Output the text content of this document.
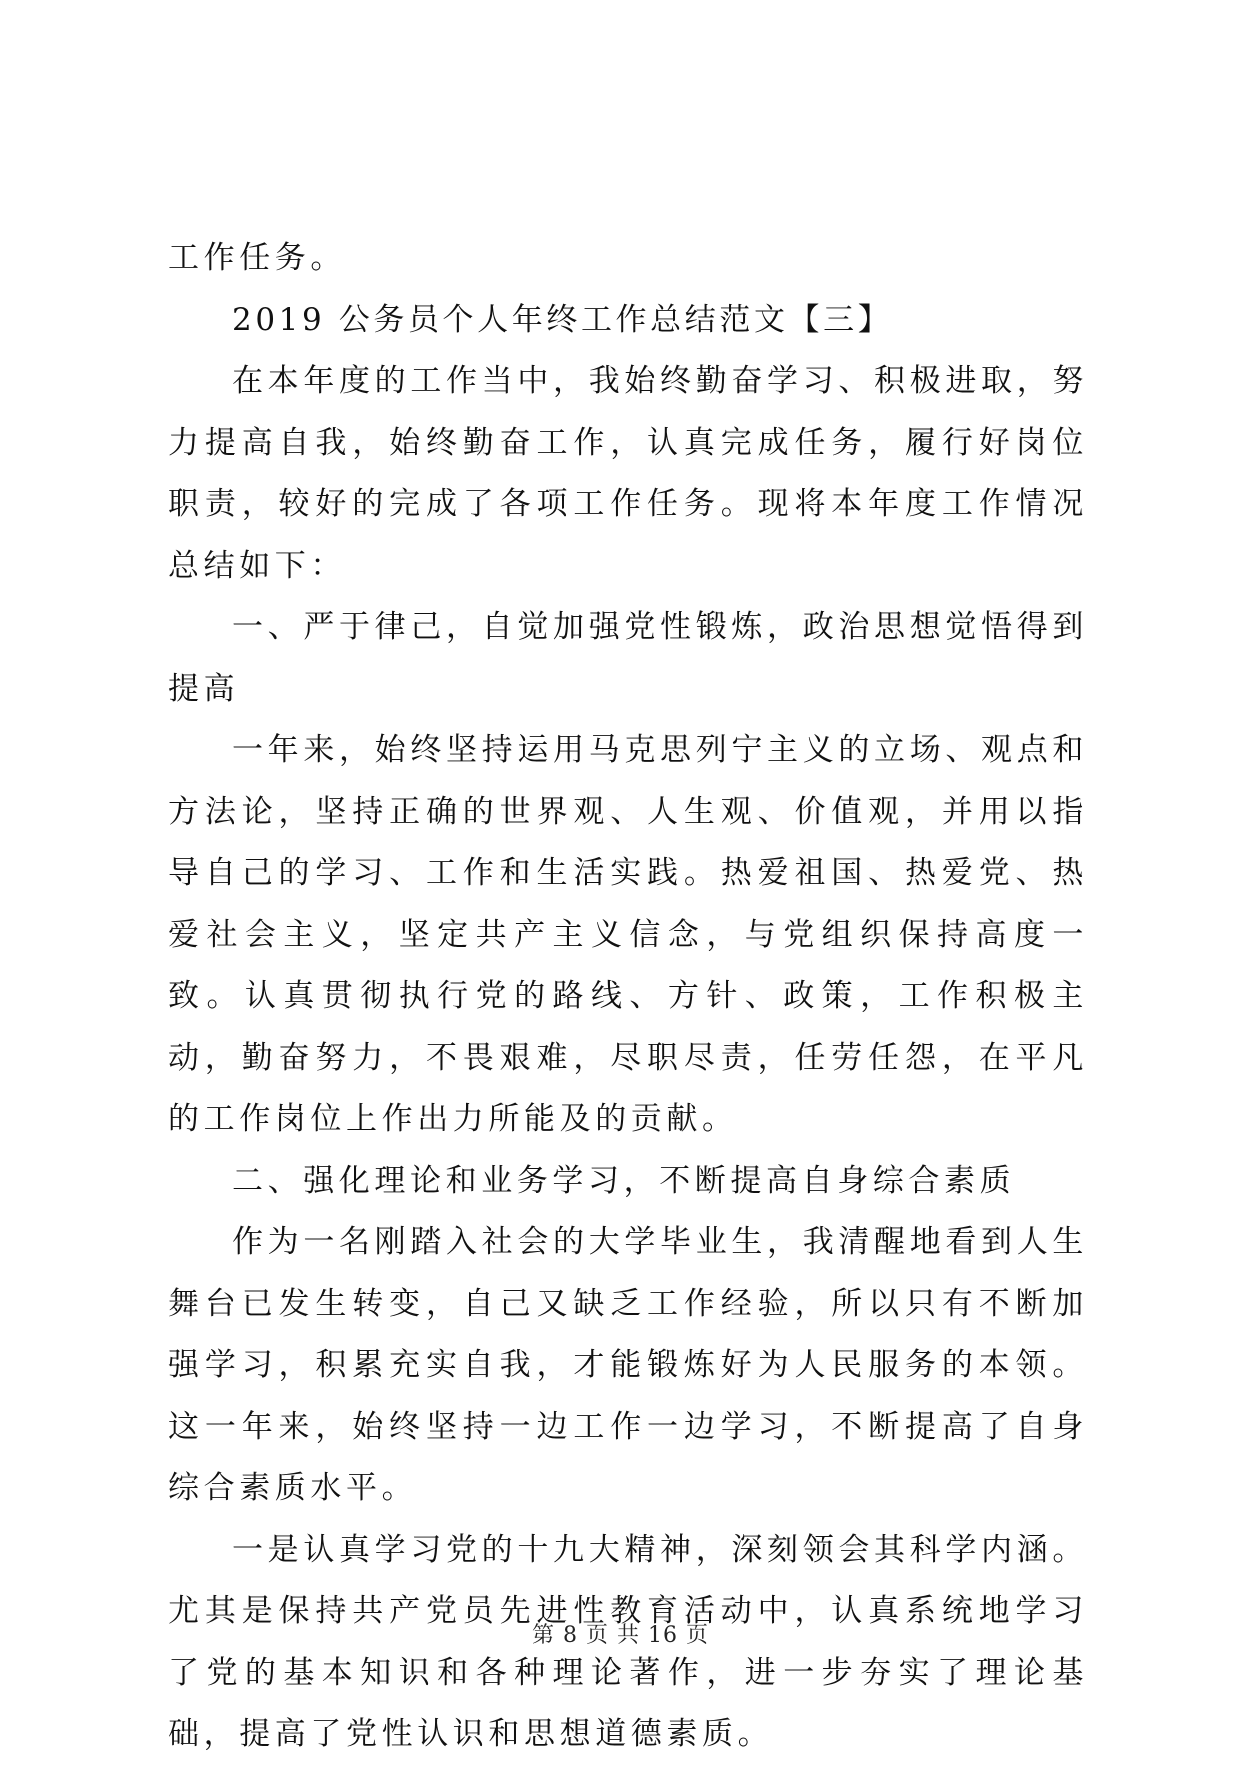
工作任务。

2019 公务员个人年终工作总结范文【三】

在本年度的工作当中，我始终勤奋学习、积极进取，努力提高自我，始终勤奋工作，认真完成任务，履行好岗位职责，较好的完成了各项工作任务。现将本年度工作情况总结如下：

一、严于律己，自觉加强党性锻炼，政治思想觉悟得到提高

一年来，始终坚持运用马克思列宁主义的立场、观点和方法论，坚持正确的世界观、人生观、价值观，并用以指导自己的学习、工作和生活实践。热爱祖国、热爱党、热爱社会主义，坚定共产主义信念，与党组织保持高度一致。认真贯彻执行党的路线、方针、政策，工作积极主动，勤奋努力，不畏艰难，尽职尽责，任劳任怨，在平凡的工作岗位上作出力所能及的贡献。

二、强化理论和业务学习，不断提高自身综合素质

作为一名刚踏入社会的大学毕业生，我清醒地看到人生舞台已发生转变，自己又缺乏工作经验，所以只有不断加强学习，积累充实自我，才能锻炼好为人民服务的本领。这一年来，始终坚持一边工作一边学习，不断提高了自身综合素质水平。

一是认真学习党的十九大精神，深刻领会其科学内涵。尤其是保持共产党员先进性教育活动中，认真系统地学习了党的基本知识和各种理论著作，进一步夯实了理论基础，提高了党性认识和思想道德素质。

第 8 页 共 16 页
